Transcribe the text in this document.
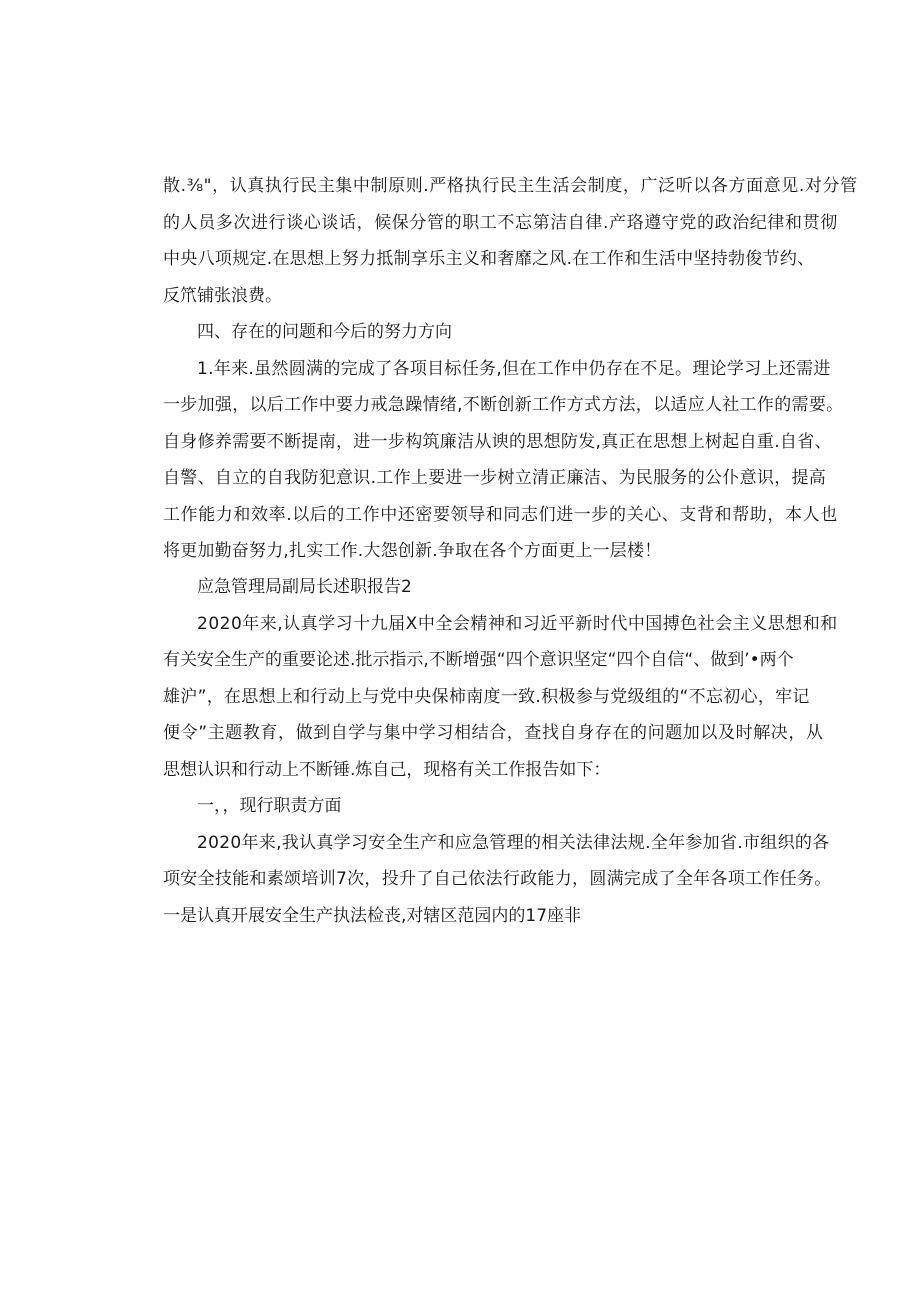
散.⅜"，认真执行民主集中制原则.严格执行民主生活会制度，广泛听以各方面意见.对分管

的人员多次进行谈心谈话，候保分管的职工不忘第洁自律.产珞遵守党的政治纪律和贯彻

中央八项规定.在思想上努力抵制享乐主义和奢靡之风.在工作和生活中坚持勃俊节约、

反笊铺张浪费。

四、存在的问题和今后的努力方向

1.年来.虽然圆满的完成了各项目标任务,但在工作中仍存在不足。理论学习上还需进

一步加强，以后工作中要力戒急躁情绪,不断创新工作方式方法，以适应人社工作的需要。

自身修养需要不断提南，进一步构筑廉洁从谀的思想防发,真正在思想上树起自重.自省、

自警、自立的自我防犯意识.工作上要进一步树立清正廉洁、为民服务的公仆意识，提高

工作能力和效率.以后的工作中还密要领导和同志们进一步的关心、支背和帮助，本人也

将更加勤奋努力,扎实工作.大怨创新.争取在各个方面更上一层楼！

应急管理局副局长述职报告2

2020年来,认真学习十九届X中全会精神和习近平新时代中国搏色社会主义思想和和

有关安全生产的重要论述.批示指示,不断增强“四个意识坚定“四个自信“、做到’•两个

雄沪”，在思想上和行动上与党中央保柿南度一致.积极参与党级组的“不忘初心，牢记

便令”主题教育，做到自学与集中学习相结合，查找自身存在的问题加以及时解决，从

思想认识和行动上不断锤.炼自己，现格有关工作报告如下：

一，，现行职责方面

2020年来,我认真学习安全生产和应急管理的相关法律法规.全年参加省.市组织的各

项安全技能和素颂培训7次，投升了自己依法行政能力，圆满完成了全年各项工作任务。

一是认真开展安全生产执法检丧,对辖区范园内的17座非
